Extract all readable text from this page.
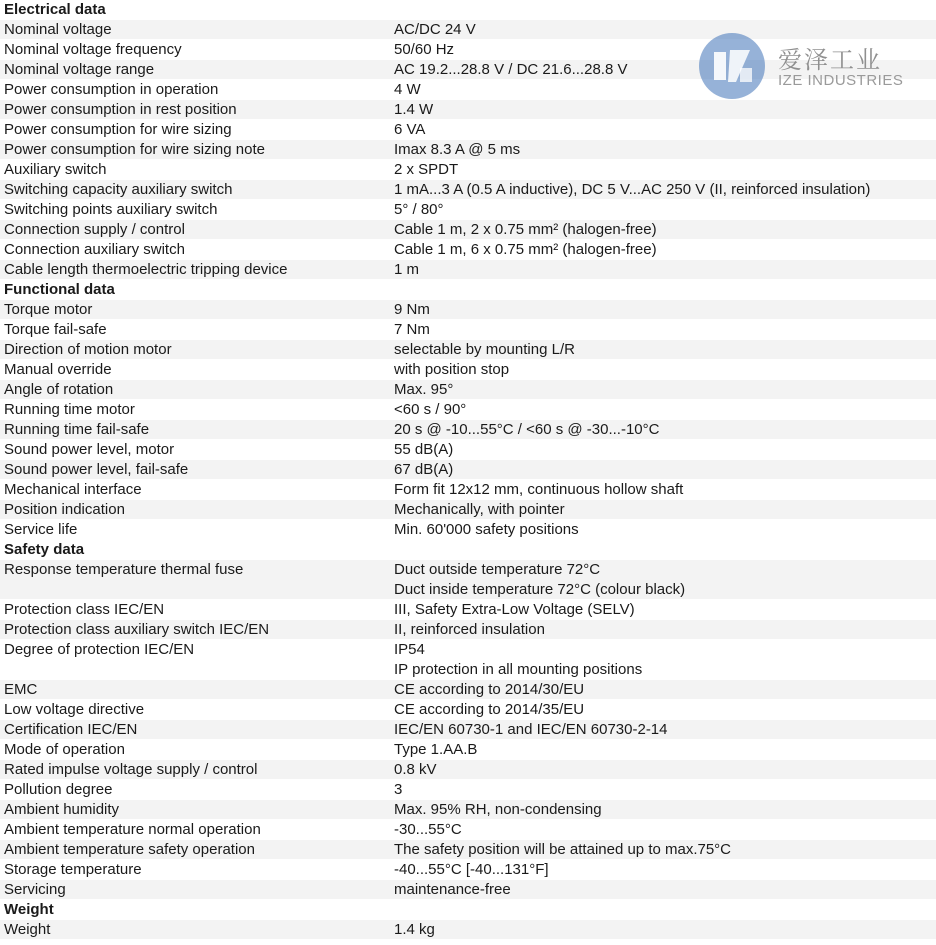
Electrical data
Nominal voltage	AC/DC 24 V
Nominal voltage frequency	50/60 Hz
Nominal voltage range	AC 19.2...28.8 V / DC 21.6...28.8 V
Power consumption in operation	4 W
Power consumption in rest position	1.4 W
Power consumption for wire sizing	6 VA
Power consumption for wire sizing note	Imax 8.3 A @ 5 ms
Auxiliary switch	2 x SPDT
Switching capacity auxiliary switch	1 mA...3 A (0.5 A inductive), DC 5 V...AC 250 V (II, reinforced insulation)
Switching points auxiliary switch	5° / 80°
Connection supply / control	Cable 1 m, 2 x 0.75 mm² (halogen-free)
Connection auxiliary switch	Cable 1 m, 6 x 0.75 mm² (halogen-free)
Cable length thermoelectric tripping device	1 m
Functional data
Torque motor	9 Nm
Torque fail-safe	7 Nm
Direction of motion motor	selectable by mounting L/R
Manual override	with position stop
Angle of rotation	Max. 95°
Running time motor	<60 s / 90°
Running time fail-safe	20 s @ -10...55°C / <60 s @ -30...-10°C
Sound power level, motor	55 dB(A)
Sound power level, fail-safe	67 dB(A)
Mechanical interface	Form fit 12x12 mm, continuous hollow shaft
Position indication	Mechanically, with pointer
Service life	Min. 60'000 safety positions
Safety data
Response temperature thermal fuse	Duct outside temperature 72°C
Duct inside temperature 72°C (colour black)
Protection class IEC/EN	III, Safety Extra-Low Voltage (SELV)
Protection class auxiliary switch IEC/EN	II, reinforced insulation
Degree of protection IEC/EN	IP54
IP protection in all mounting positions
EMC	CE according to 2014/30/EU
Low voltage directive	CE according to 2014/35/EU
Certification IEC/EN	IEC/EN 60730-1 and IEC/EN 60730-2-14
Mode of operation	Type 1.AA.B
Rated impulse voltage supply / control	0.8 kV
Pollution degree	3
Ambient humidity	Max. 95% RH, non-condensing
Ambient temperature normal operation	-30...55°C
Ambient temperature safety operation	The safety position will be attained up to max.75°C
Storage temperature	-40...55°C [-40...131°F]
Servicing	maintenance-free
Weight
Weight	1.4 kg
爱泽工业
IZE INDUSTRIES
